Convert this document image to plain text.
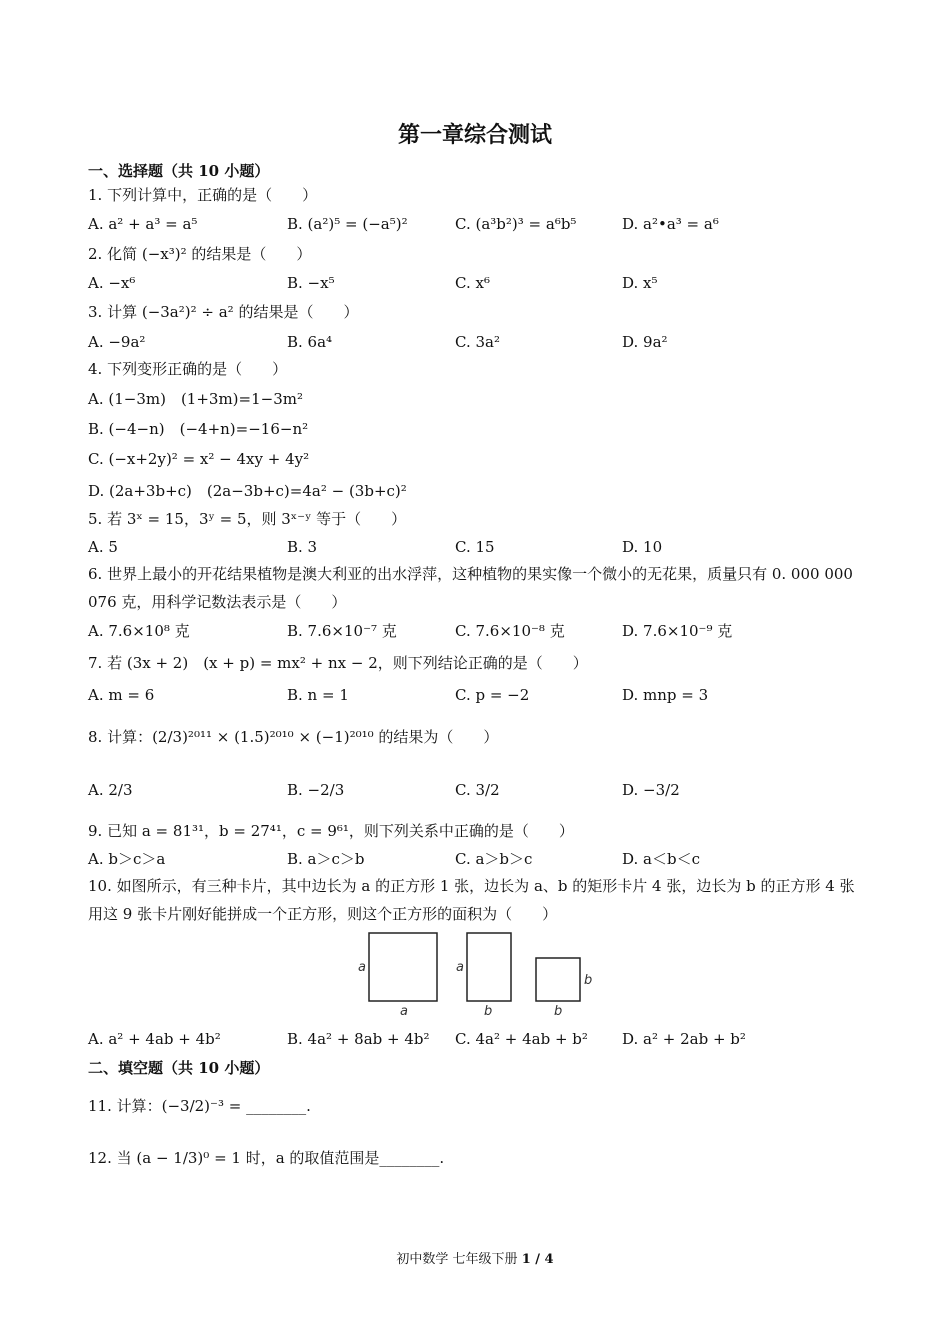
第一章综合测试
一、选择题（共 10 小题）
1. 下列计算中，正确的是（　　）
A. a² + a³ = a⁵	B. (a²)⁵ = (−a⁵)²	C. (a³b²)³ = a⁶b⁵	D. a²•a³ = a⁶
2. 化简 (−x³)² 的结果是（　　）
A. −x⁶	B. −x⁵	C. x⁶	D. x⁵
3. 计算 (−3a²)² ÷ a² 的结果是（　　）
A. −9a²	B. 6a⁴	C. 3a²	D. 9a²
4. 下列变形正确的是（　　）
A. (1−3m)　(1+3m)=1−3m²
B. (−4−n)　(−4+n)=−16−n²
C. (−x+2y)² = x² − 4xy + 4y²
D. (2a+3b+c)　(2a−3b+c)=4a² − (3b+c)²
5. 若 3ˣ = 15，3ʸ = 5，则 3ˣ⁻ʸ 等于（　　）
A. 5	B. 3	C. 15	D. 10
6. 世界上最小的开花结果植物是澳大利亚的出水浮萍，这种植物的果实像一个微小的无花果，质量只有 0. 000 000 076 克，用科学记数法表示是（　　）
A. 7.6×10⁸ 克	B. 7.6×10⁻⁷ 克	C. 7.6×10⁻⁸ 克	D. 7.6×10⁻⁹ 克
7. 若 (3x + 2)　(x + p) = mx² + nx − 2，则下列结论正确的是（　　）
A. m = 6	B. n = 1	C. p = −2	D. mnp = 3
8. 计算：(2/3)²⁰¹¹ × (1.5)²⁰¹⁰ × (−1)²⁰¹⁰ 的结果为（　　）
A. 2/3	B. −2/3	C. 3/2	D. −3/2
9. 已知 a = 81³¹，b = 27⁴¹，c = 9⁶¹，则下列关系中正确的是（　　）
A. b＞c＞a	B. a＞c＞b	C. a＞b＞c	D. a＜b＜c
10. 如图所示，有三种卡片，其中边长为 a 的正方形 1 张，边长为 a、b 的矩形卡片 4 张，边长为 b 的正方形 4 张用这 9 张卡片刚好能拼成一个正方形，则这个正方形的面积为（　　）
a
a
a
b
b
b
A. a² + 4ab + 4b²	B. 4a² + 8ab + 4b² C. 4a² + 4ab + b² D. a² + 2ab + b²
二、填空题（共 10 小题）
11. 计算：(−3/2)⁻³ = ________.
12. 当 (a − 1/3)⁰ = 1 时，a 的取值范围是________.
初中数学 七年级下册 1 / 4
